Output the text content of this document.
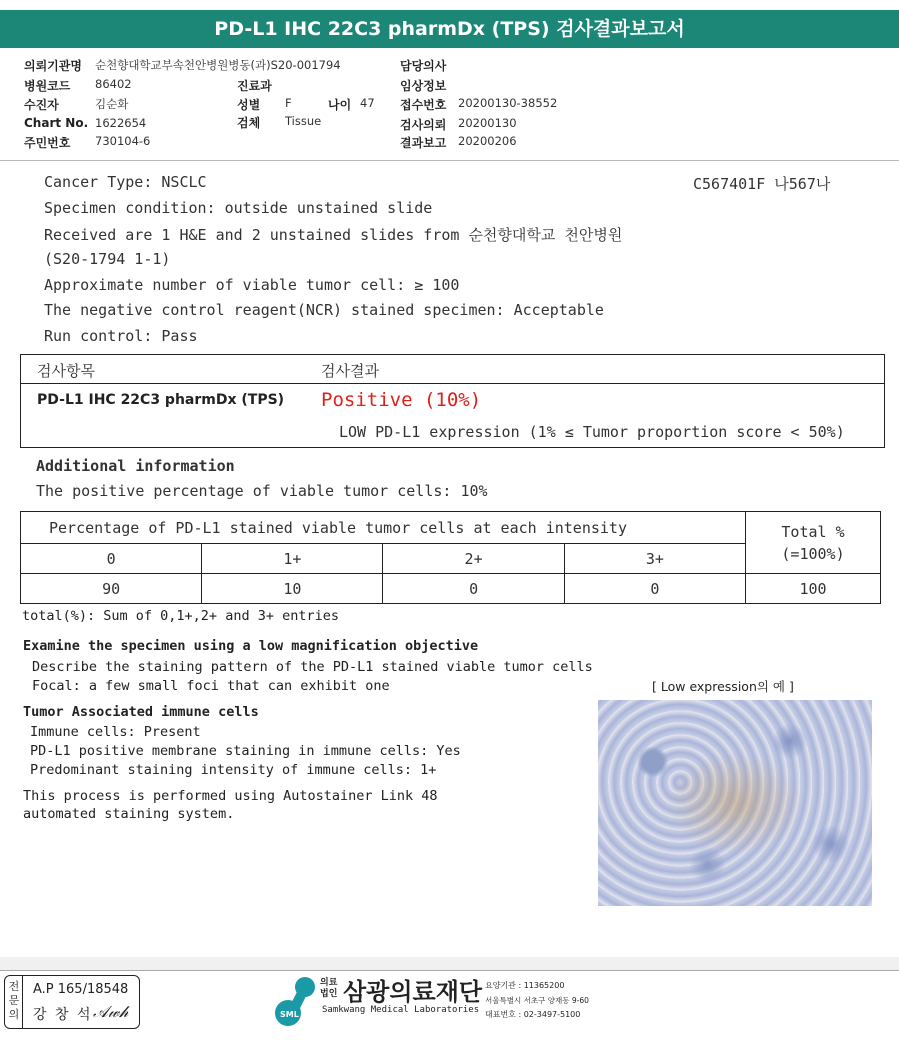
PD-L1 IHC 22C3 pharmDx (TPS) 검사결과보고서
의뢰기관명 순천향대학교부속천안병원병동(과)S20-001794	담당의사
병원코드 86402	진료과	임상정보
수진자	김순화	성별 F	나이 47 접수번호 20200130-38552
Chart No. 1622654	검체 Tissue	검사의뢰 20200130
주민번호 730104-6	결과보고 20200206
C567401F 나567나
Cancer Type: NSCLC
Specimen condition: outside unstained slide
Received are 1 H&E and 2 unstained slides from 순천향대학교 천안병원
(S20-1794 1-1)
Approximate number of viable tumor cell: ≥ 100
The negative control reagent(NCR) stained specimen: Acceptable
Run control: Pass
검사항목	검사결과
PD-L1 IHC 22C3 pharmDx (TPS) Positive (10%)
LOW PD-L1 expression (1% ≤ Tumor proportion score < 50%)
Additional information
The positive percentage of viable tumor cells: 10%
Percentage of PD-L1 stained viable tumor cells at each intensity				Total %
(=100%)
0	1+	2+	3+	
90	10	0	0	100
total(%): Sum of 0,1+,2+ and 3+ entries
Examine the specimen using a low magnification objective
Describe the staining pattern of the PD-L1 stained viable tumor cells
Focal: a few small foci that can exhibit one
Tumor Associated immune cells
Immune cells: Present
PD-L1 positive membrane staining in immune cells: Yes
Predominant staining intensity of immune cells: 1+
This process is performed using Autostainer Link 48
automated staining system.
[ Low expression의 예 ]
전문의
A.P 165/18548
강 창 석 𝒜𝓌𝒽	SML
의료법인 삼광의료재단
Samkwang Medical Laboratories
요양기관 : 11365200
서울특별시 서초구 양재동 9-60
대표번호 : 02-3497-5100
